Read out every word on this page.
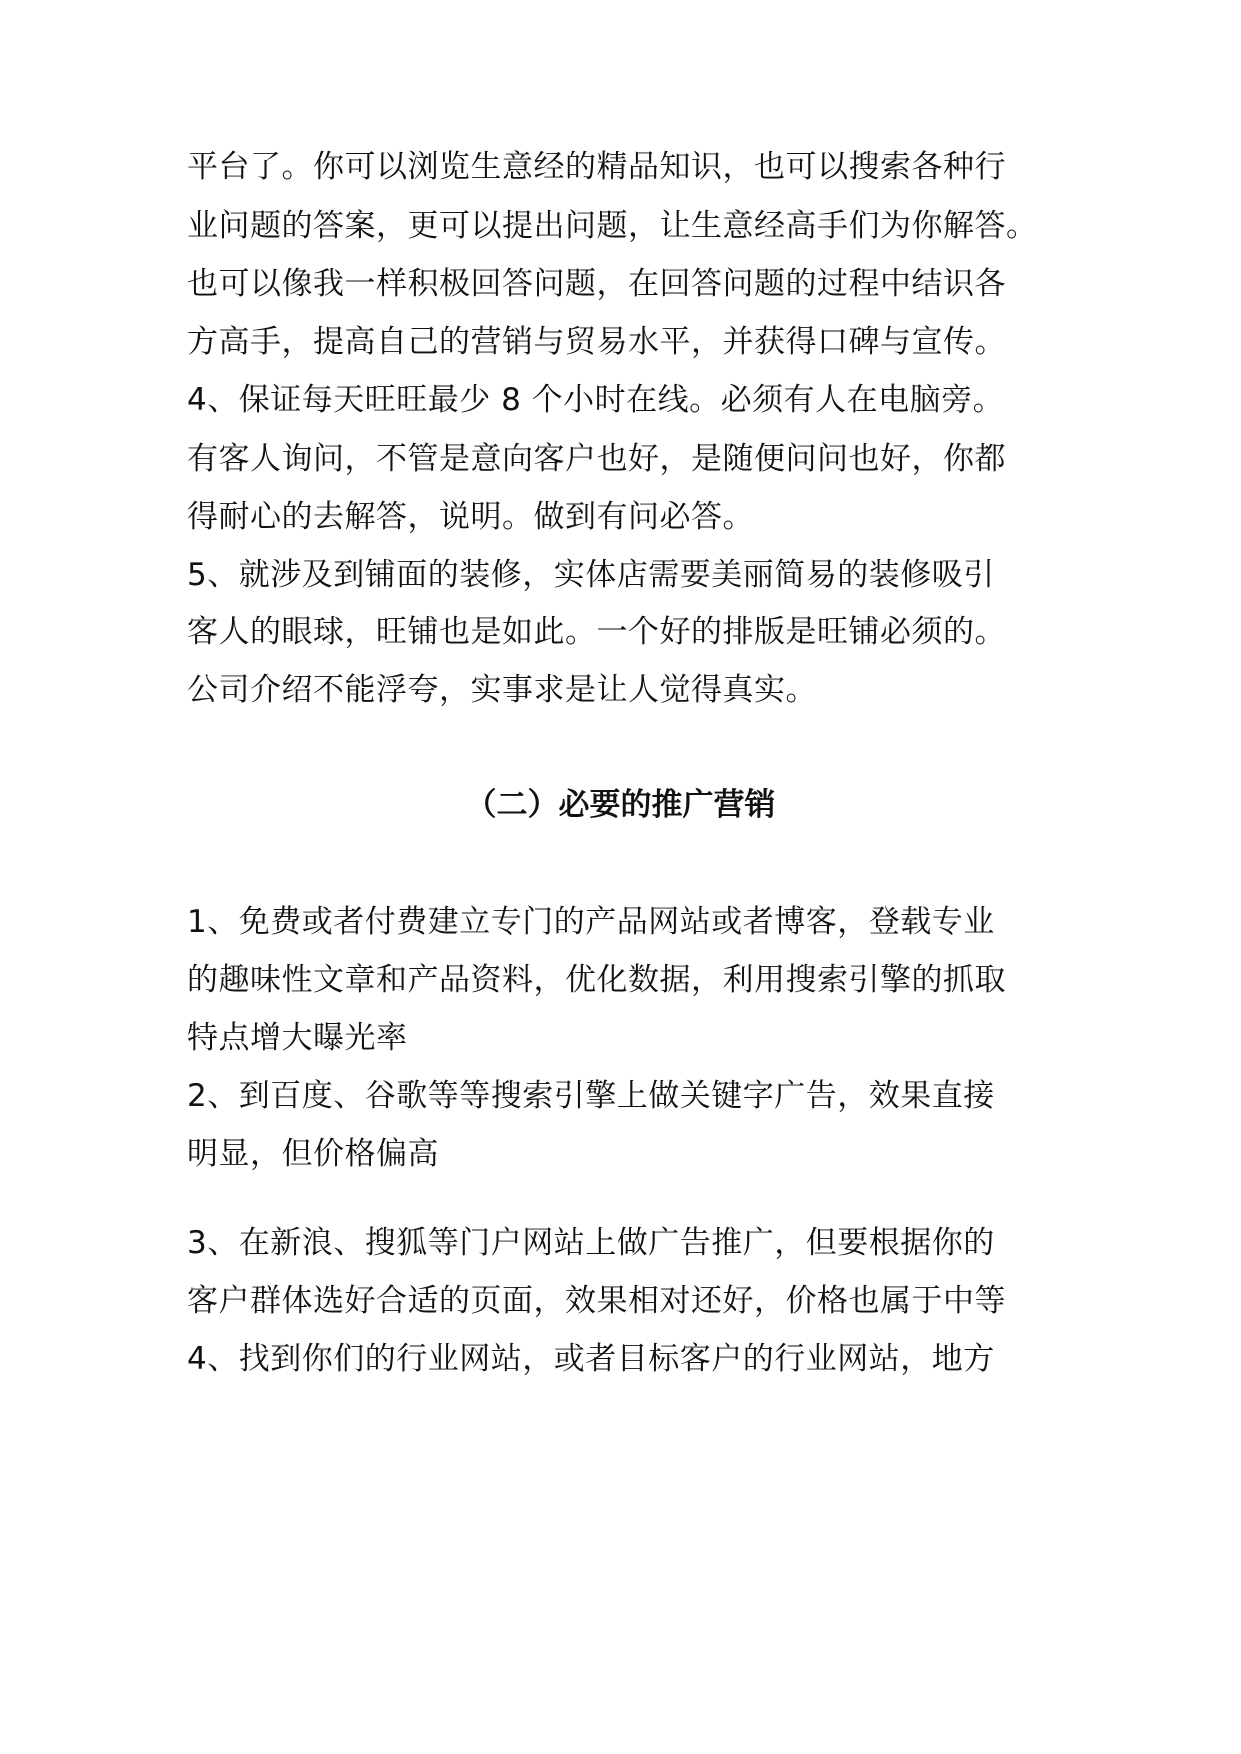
平台了。你可以浏览生意经的精品知识，也可以搜索各种行
业问题的答案，更可以提出问题，让生意经高手们为你解答。
也可以像我一样积极回答问题，在回答问题的过程中结识各
方高手，提高自己的营销与贸易水平，并获得口碑与宣传。
4、保证每天旺旺最少 8 个小时在线。必须有人在电脑旁。
有客人询问，不管是意向客户也好，是随便问问也好，你都
得耐心的去解答，说明。做到有问必答。
5、就涉及到铺面的装修，实体店需要美丽简易的装修吸引
客人的眼球，旺铺也是如此。一个好的排版是旺铺必须的。
公司介绍不能浮夸，实事求是让人觉得真实。
（二）必要的推广营销
1、免费或者付费建立专门的产品网站或者博客，登载专业
的趣味性文章和产品资料，优化数据，利用搜索引擎的抓取
特点增大曝光率
2、到百度、谷歌等等搜索引擎上做关键字广告，效果直接
明显，但价格偏高
3、在新浪、搜狐等门户网站上做广告推广，但要根据你的
客户群体选好合适的页面，效果相对还好，价格也属于中等
4、找到你们的行业网站，或者目标客户的行业网站，地方
